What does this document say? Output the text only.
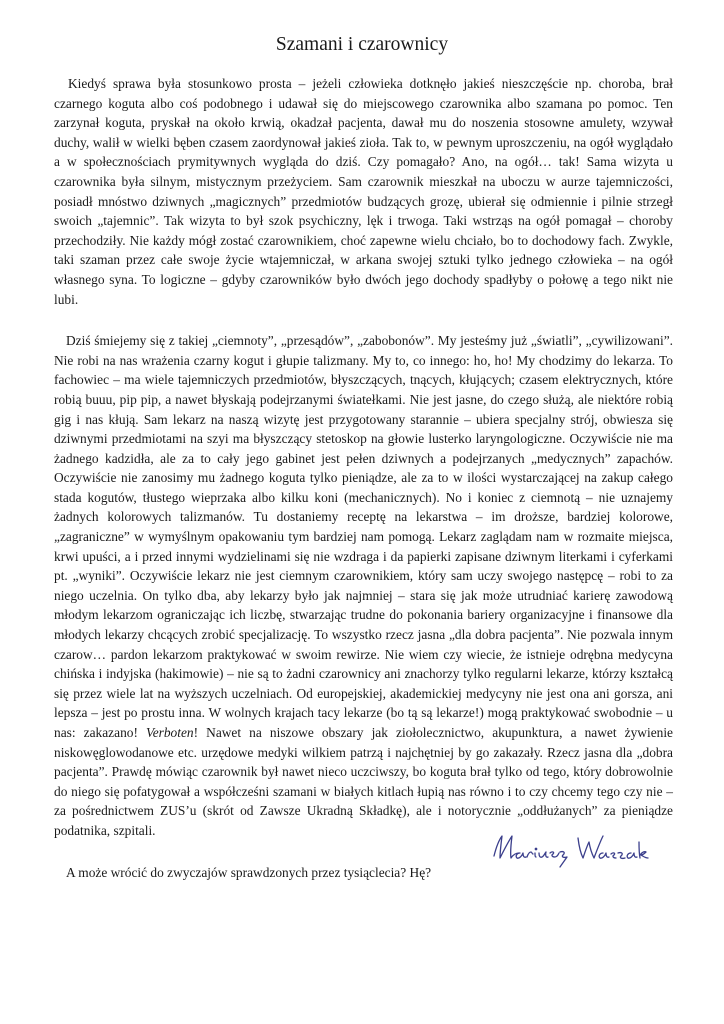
Szamani i czarownicy

Kiedyś sprawa była stosunkowo prosta – jeżeli człowieka dotknęło jakieś nieszczęście np. choroba, brał czarnego koguta albo coś podobnego i udawał się do miejscowego czarownika albo szamana po pomoc. Ten zarzynał koguta, pryskał na około krwią, okadzał pacjenta, dawał mu do noszenia stosowne amulety, wzywał duchy, walił w wielki bęben czasem zaordynował jakieś zioła. Tak to, w pewnym uproszczeniu, na ogół wyglądało a w społecznościach prymitywnych wygląda do dziś. Czy pomagało? Ano, na ogół… tak! Sama wizyta u czarownika była silnym, mistycznym przeżyciem. Sam czarownik mieszkał na uboczu w aurze tajemniczości, posiadł mnóstwo dziwnych „magicznych” przedmiotów budzących grozę, ubierał się odmiennie i pilnie strzegł swoich „tajemnic”. Tak wizyta to był szok psychiczny, lęk i trwoga. Taki wstrząs na ogół pomagał – choroby przechodziły. Nie każdy mógł zostać czarownikiem, choć zapewne wielu chciało, bo to dochodowy fach. Zwykle, taki szaman przez całe swoje życie wtajemniczał, w arkana swojej sztuki tylko jednego człowieka – na ogół własnego syna. To logiczne – gdyby czarowników było dwóch jego dochody spadłyby o połowę a tego nikt nie lubi.

Dziś śmiejemy się z takiej „ciemnoty”, „przesądów”, „zabobonów”. My jesteśmy już „światli”, „cywilizowani”. Nie robi na nas wrażenia czarny kogut i głupie talizmany. My to, co innego: ho, ho! My chodzimy do lekarza. To fachowiec – ma wiele tajemniczych przedmiotów, błyszczących, tnących, kłujących; czasem elektrycznych, które robią buuu, pip pip, a nawet błyskają podejrzanymi światełkami. Nie jest jasne, do czego służą, ale niektóre robią gig i nas kłują. Sam lekarz na naszą wizytę jest przygotowany starannie – ubiera specjalny strój, obwiesza się dziwnymi przedmiotami na szyi ma błyszczący stetoskop na głowie lusterko laryngologiczne. Oczywiście nie ma żadnego kadzidła, ale za to cały jego gabinet jest pełen dziwnych a podejrzanych „medycznych” zapachów. Oczywiście nie zanosimy mu żadnego koguta tylko pieniądze, ale za to w ilości wystarczającej na zakup całego stada kogutów, tłustego wieprzaka albo kilku koni (mechanicznych). No i koniec z ciemnotą – nie uznajemy żadnych kolorowych talizmanów. Tu dostaniemy receptę na lekarstwa – im droższe, bardziej kolorowe, „zagraniczne” w wymyślnym opakowaniu tym bardziej nam pomogą. Lekarz zaglądam nam w rozmaite miejsca, krwi upuści, a i przed innymi wydzielinami się nie wzdraga i da papierki zapisane dziwnym literkami i cyferkami pt. „wyniki”. Oczywiście lekarz nie jest ciemnym czarownikiem, który sam uczy swojego następcę – robi to za niego uczelnia. On tylko dba, aby lekarzy było jak najmniej – stara się jak może utrudniać karierę zawodową młodym lekarzom ograniczając ich liczbę, stwarzając trudne do pokonania bariery organizacyjne i finansowe dla młodych lekarzy chcących zrobić specjalizację. To wszystko rzecz jasna „dla dobra pacjenta”. Nie pozwala innym czarow… pardon lekarzom praktykować w swoim rewirze. Nie wiem czy wiecie, że istnieje odrębna medycyna chińska i indyjska (hakimowie) – nie są to żadni czarownicy ani znachorzy tylko regularni lekarze, którzy kształcą się przez wiele lat na wyższych uczelniach. Od europejskiej, akademickiej medycyny nie jest ona ani gorsza, ani lepsza – jest po prostu inna. W wolnych krajach tacy lekarze (bo tą są lekarze!) mogą praktykować swobodnie – u nas: zakazano! Verboten! Nawet na niszowe obszary jak ziołolecznictwo, akupunktura, a nawet żywienie niskowęglowodanowe etc. urzędowe medyki wilkiem patrzą i najchętniej by go zakazały. Rzecz jasna dla „dobra pacjenta”. Prawdę mówiąc czarownik był nawet nieco uczciwszy, bo koguta brał tylko od tego, który dobrowolnie do niego się pofatygował a współcześni szamani w białych kitlach łupią nas równo i to czy chcemy tego czy nie – za pośrednictwem ZUS’u (skrót od Zawsze Ukradną Składkę), ale i notorycznie „oddłużanych” za pieniądze podatnika, szpitali.

A może wrócić do zwyczajów sprawdzonych przez tysiąclecia? Hę?
